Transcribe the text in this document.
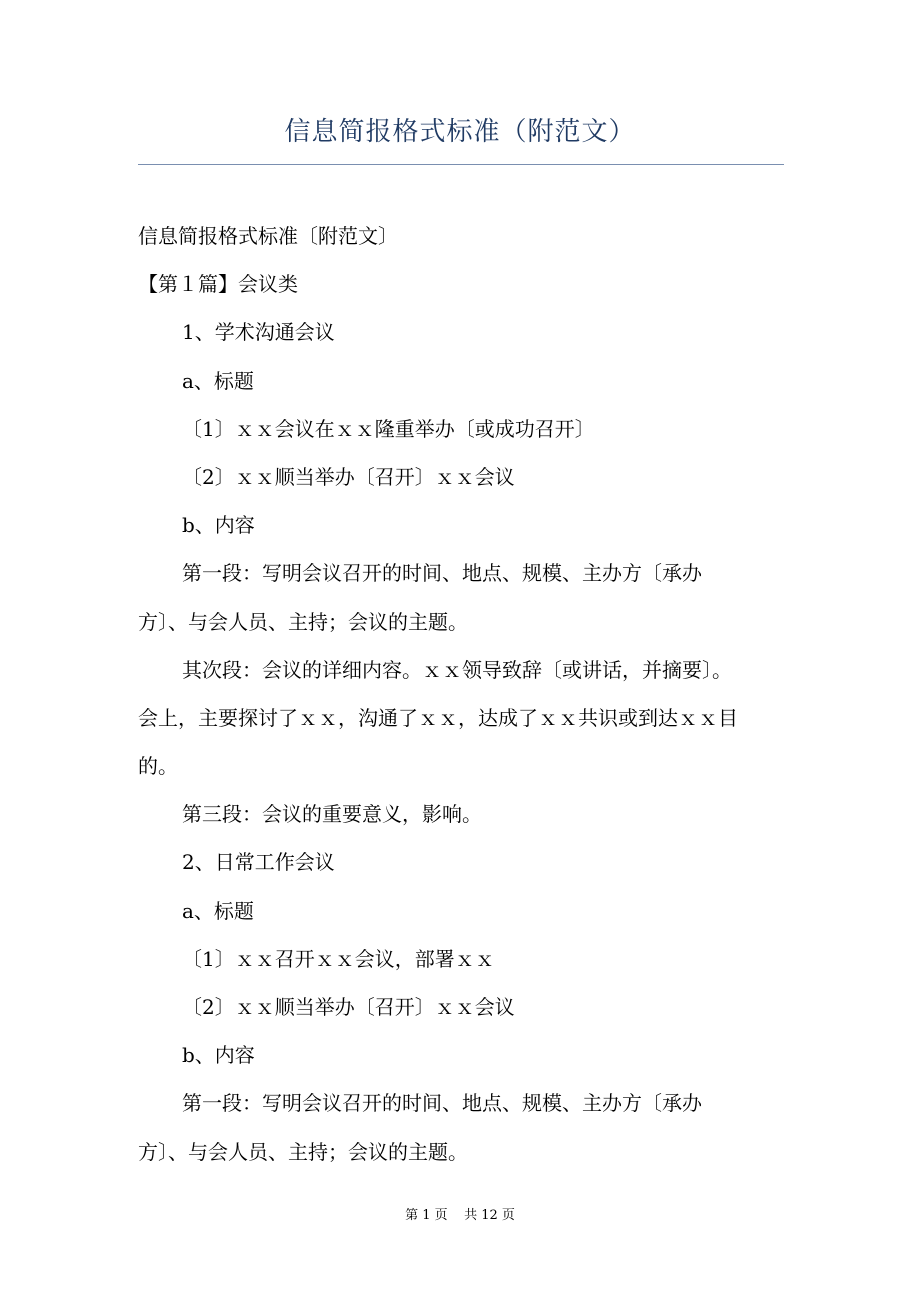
信息简报格式标准（附范文）
信息简报格式标准〔附范文〕
【第１篇】会议类
1、学术沟通会议
a、标题
〔1〕ｘｘ会议在ｘｘ隆重举办〔或成功召开〕
〔2〕ｘｘ顺当举办〔召开〕ｘｘ会议
b、内容
第一段：写明会议召开的时间、地点、规模、主办方〔承办
方〕、与会人员、主持；会议的主题。
其次段：会议的详细内容。ｘｘ领导致辞〔或讲话，并摘要〕。
会上，主要探讨了ｘｘ，沟通了ｘｘ，达成了ｘｘ共识或到达ｘｘ目
的。
第三段：会议的重要意义，影响。
2、日常工作会议
a、标题
〔1〕ｘｘ召开ｘｘ会议，部署ｘｘ
〔2〕ｘｘ顺当举办〔召开〕ｘｘ会议
b、内容
第一段：写明会议召开的时间、地点、规模、主办方〔承办
方〕、与会人员、主持；会议的主题。
第 1 页    共 12 页
